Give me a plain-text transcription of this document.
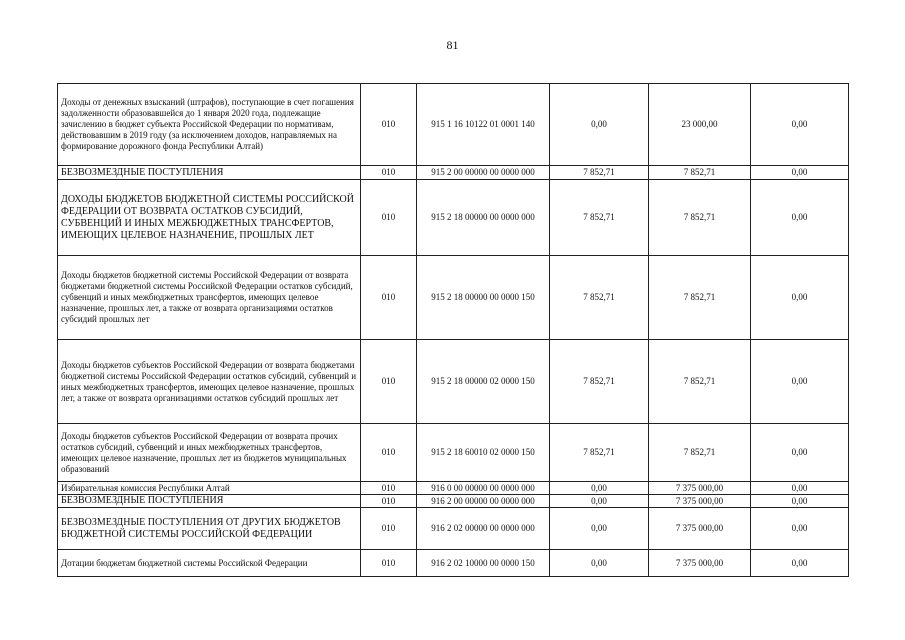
81
Доходы от денежных взысканий (штрафов), поступающие в счет погашения задолженности образовавшейся до 1 января 2020 года, подлежащие зачислению в бюджет субъекта Российской Федерации по нормативам, действовавшим в 2019 году (за исключением доходов, направляемых на формирование дорожного фонда Республики Алтай)	010	915 1 16 10122 01 0001 140	0,00	23 000,00	0,00
БЕЗВОЗМЕЗДНЫЕ ПОСТУПЛЕНИЯ	010	915 2 00 00000 00 0000 000	7 852,71	7 852,71	0,00
ДОХОДЫ БЮДЖЕТОВ БЮДЖЕТНОЙ СИСТЕМЫ РОССИЙСКОЙ ФЕДЕРАЦИИ ОТ ВОЗВРАТА ОСТАТКОВ СУБСИДИЙ, СУБВЕНЦИЙ И ИНЫХ МЕЖБЮДЖЕТНЫХ ТРАНСФЕРТОВ, ИМЕЮЩИХ ЦЕЛЕВОЕ НАЗНАЧЕНИЕ, ПРОШЛЫХ ЛЕТ	010	915 2 18 00000 00 0000 000	7 852,71	7 852,71	0,00
Доходы бюджетов бюджетной системы Российской Федерации от возврата бюджетами бюджетной системы Российской Федерации остатков субсидий, субвенций и иных межбюджетных трансфертов, имеющих целевое назначение, прошлых лет, а также от возврата организациями остатков субсидий прошлых лет	010	915 2 18 00000 00 0000 150	7 852,71	7 852,71	0,00
Доходы бюджетов субъектов Российской Федерации от возврата бюджетами бюджетной системы Российской Федерации остатков субсидий, субвенций и иных межбюджетных трансфертов, имеющих целевое назначение, прошлых лет, а также от возврата организациями остатков субсидий прошлых лет	010	915 2 18 00000 02 0000 150	7 852,71	7 852,71	0,00
Доходы бюджетов субъектов Российской Федерации от возврата прочих остатков субсидий, субвенций и иных межбюджетных трансфертов, имеющих целевое назначение, прошлых лет из бюджетов муниципальных образований	010	915 2 18 60010 02 0000 150	7 852,71	7 852,71	0,00
Избирательная комиссия Республики Алтай	010	916 0 00 00000 00 0000 000	0,00	7 375 000,00	0,00
БЕЗВОЗМЕЗДНЫЕ ПОСТУПЛЕНИЯ	010	916 2 00 00000 00 0000 000	0,00	7 375 000,00	0,00
БЕЗВОЗМЕЗДНЫЕ ПОСТУПЛЕНИЯ ОТ ДРУГИХ БЮДЖЕТОВ БЮДЖЕТНОЙ СИСТЕМЫ РОССИЙСКОЙ ФЕДЕРАЦИИ	010	916 2 02 00000 00 0000 000	0,00	7 375 000,00	0,00
Дотации бюджетам бюджетной системы Российской Федерации	010	916 2 02 10000 00 0000 150	0,00	7 375 000,00	0,00
